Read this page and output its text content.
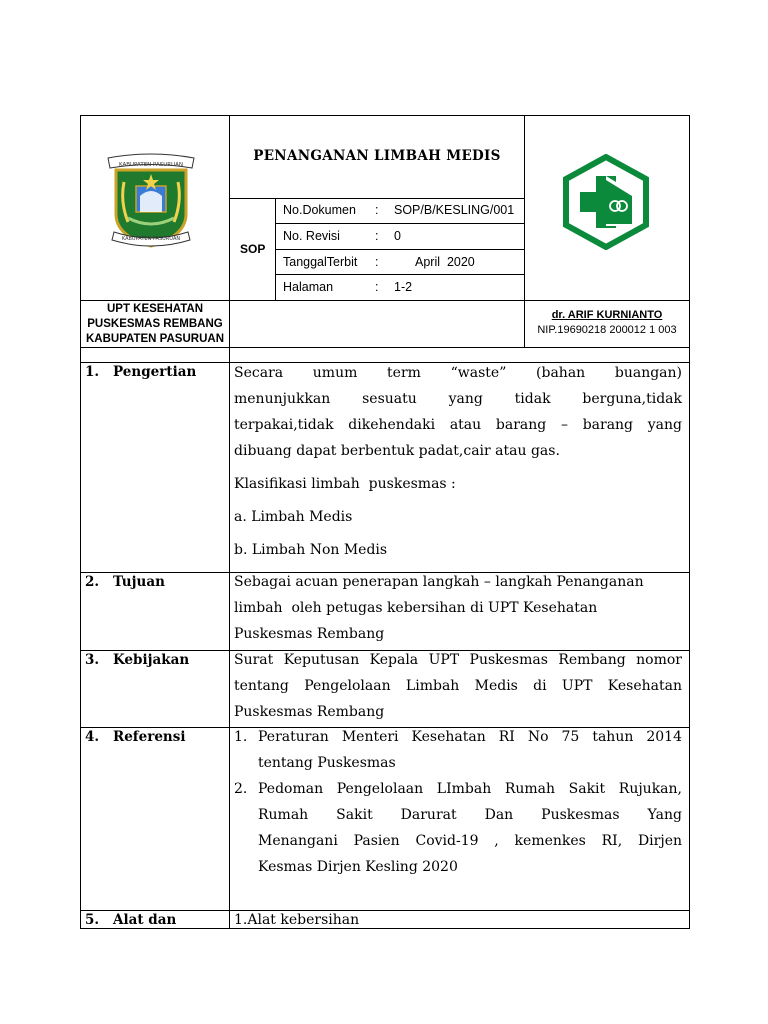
KABUPATEN PASURUAN
KABUPATEN PASURUAN
PENANGANAN LIMBAH MEDIS
SOP
No.Dokumen : SOP/B/KESLING/001
No. Revisi	: 0
TanggalTerbit :	April  2020
Halaman	: 1-2
UPT KESEHATAN
PUSKESMAS REMBANG
KABUPATEN PASURUAN
dr. ARIF KURNIANTO
NIP.19690218 200012 1 003
1. Pengertian	Secara umum term “waste” (bahan buangan)
menunjukkan sesuatu yang tidak berguna,tidak
terpakai,tidak dikehendaki atau barang – barang yang
dibuang dapat berbentuk padat,cair atau gas.
Klasifikasi limbah  puskesmas :
a. Limbah Medis
b. Limbah Non Medis
2. Tujuan	Sebagai acuan penerapan langkah – langkah Penanganan
limbah  oleh petugas kebersihan di UPT Kesehatan
Puskesmas Rembang
3. Kebijakan	Surat Keputusan Kepala UPT Puskesmas Rembang nomor
tentang Pengelolaan Limbah Medis di UPT Kesehatan
Puskesmas Rembang
4. Referensi	1. Peraturan Menteri Kesehatan RI No 75 tahun 2014
tentang Puskesmas
2. Pedoman Pengelolaan LImbah Rumah Sakit Rujukan,
Rumah Sakit Darurat Dan Puskesmas Yang
Menangani Pasien Covid-19 , kemenkes RI, Dirjen
Kesmas Dirjen Kesling 2020
5. Alat dan	1.Alat kebersihan
